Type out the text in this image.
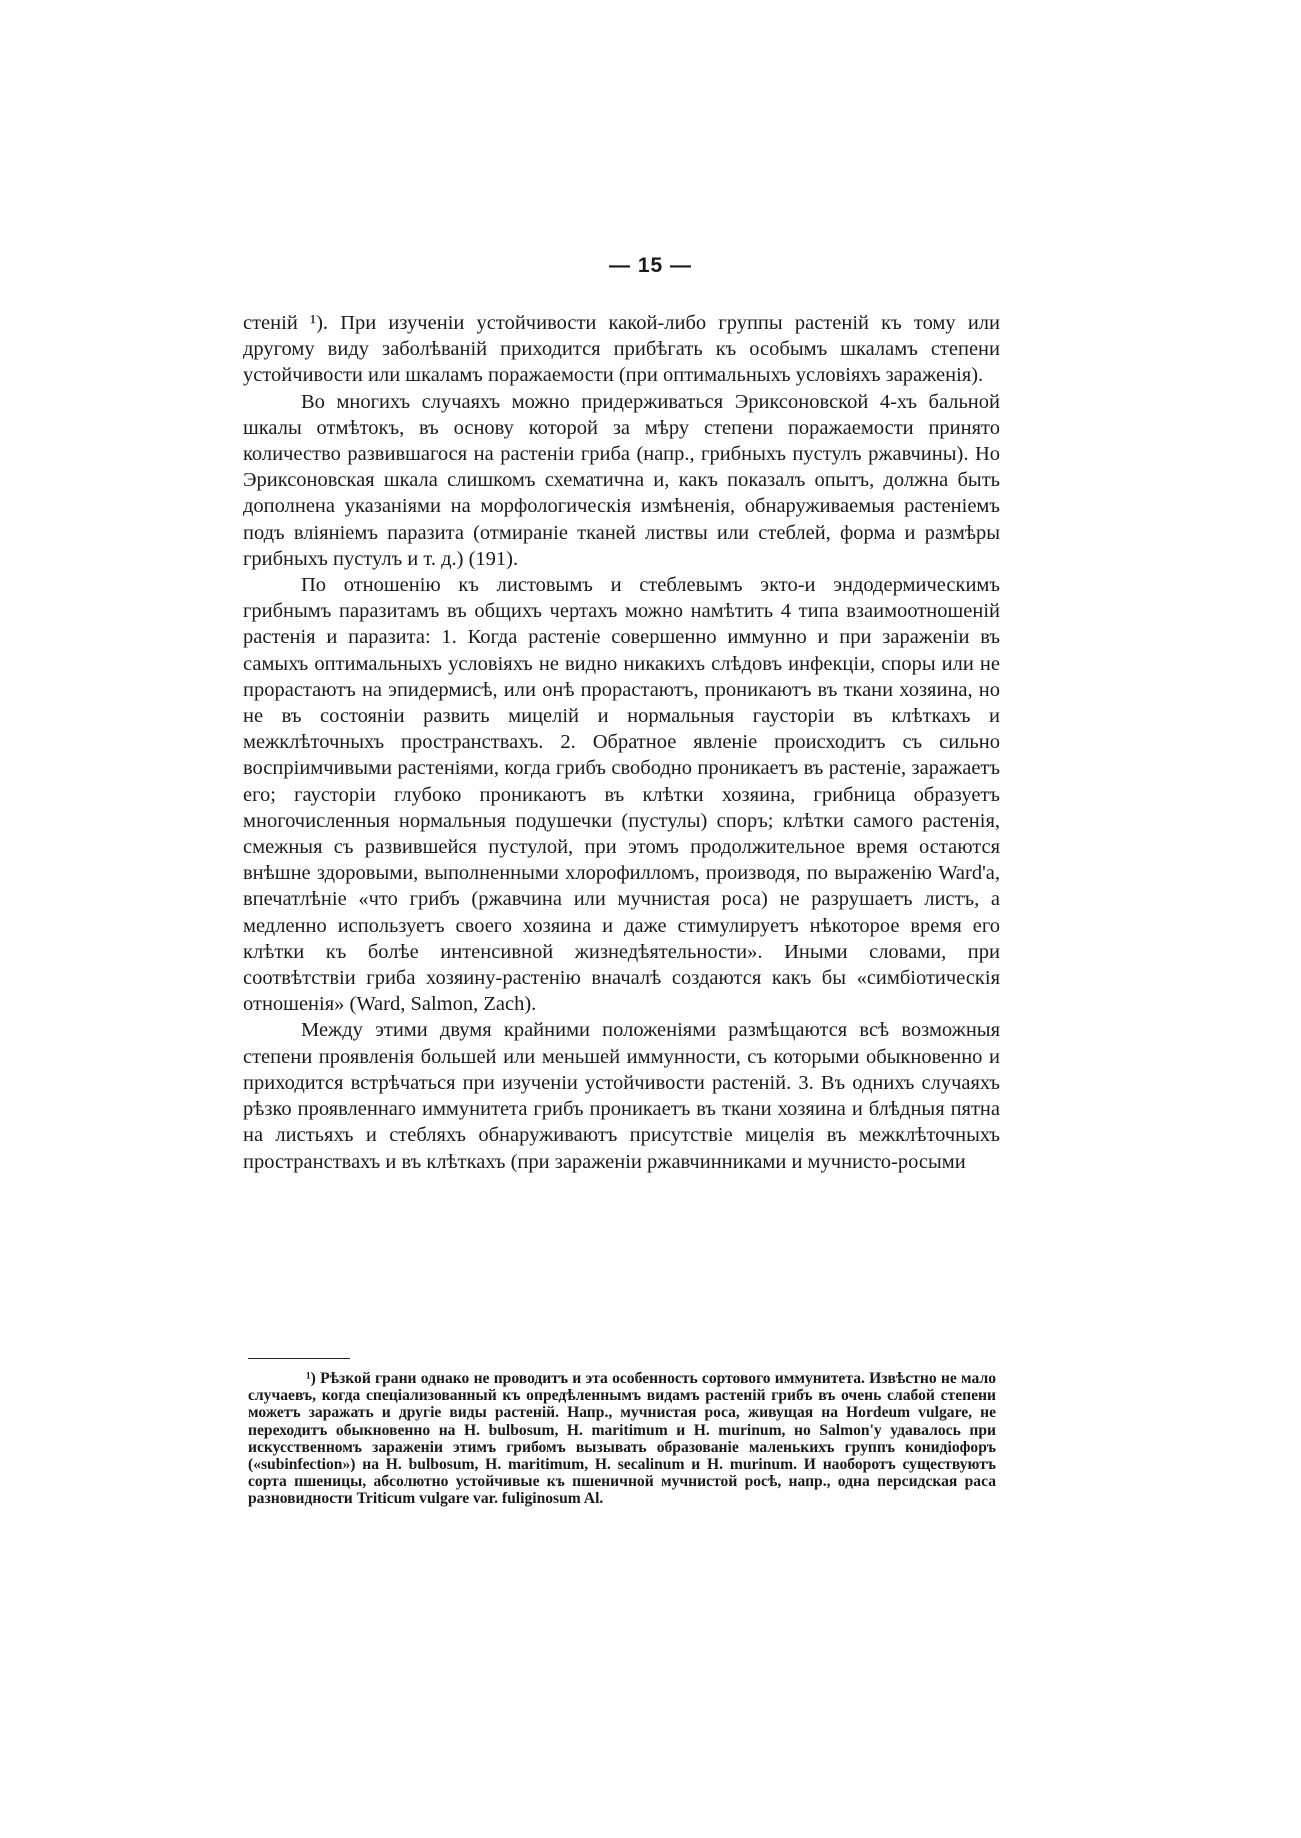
— 15 —

стеній ¹). При изученіи устойчивости какой-либо группы растеній къ тому или другому виду заболѣваній приходится прибѣгать къ особымъ шкаламъ степени устойчивости или шкаламъ поражаемости (при оптимальныхъ условіяхъ зараженія).

Во многихъ случаяхъ можно придерживаться Эриксоновской 4-хъ бальной шкалы отмѣтокъ, въ основу которой за мѣру степени поражаемости принято количество развившагося на растеніи гриба (напр., грибныхъ пустулъ ржавчины). Но Эриксоновская шкала слишкомъ схематична и, какъ показалъ опытъ, должна быть дополнена указаніями на морфологическія измѣненія, обнаруживаемыя растеніемъ подъ вліяніемъ паразита (отмираніе тканей листвы или стеблей, форма и размѣры грибныхъ пустулъ и т. д.) (191).

По отношенію къ листовымъ и стеблевымъ экто-и эндодермическимъ грибнымъ паразитамъ въ общихъ чертахъ можно намѣтить 4 типа взаимоотношеній растенія и паразита: 1. Когда растеніе совершенно иммунно и при зараженіи въ самыхъ оптимальныхъ условіяхъ не видно никакихъ слѣдовъ инфекціи, споры или не прорастаютъ на эпидермисѣ, или онѣ прорастаютъ, проникаютъ въ ткани хозяина, но не въ состояніи развить мицелій и нормальныя гаусторіи въ клѣткахъ и межклѣточныхъ пространствахъ. 2. Обратное явленіе происходитъ съ сильно воспріимчивыми растеніями, когда грибъ свободно проникаетъ въ растеніе, заражаетъ его; гаусторіи глубоко проникаютъ въ клѣтки хозяина, грибница образуетъ многочисленныя нормальныя подушечки (пустулы) споръ; клѣтки самого растенія, смежныя съ развившейся пустулой, при этомъ продолжительное время остаются внѣшне здоровыми, выполненными хлорофилломъ, производя, по выраженію Ward'а, впечатлѣніе «что грибъ (ржавчина или мучнистая роса) не разрушаетъ листъ, а медленно используетъ своего хозяина и даже стимулируетъ нѣкоторое время его клѣтки къ болѣе интенсивной жизнедѣятельности». Иными словами, при соотвѣтствіи гриба хозяину-растенію вначалѣ создаются какъ бы «симбіотическія отношенія» (Ward, Salmon, Zach).

Между этими двумя крайними положеніями размѣщаются всѣ возможныя степени проявленія большей или меньшей иммунности, съ которыми обыкновенно и приходится встрѣчаться при изученіи устойчивости растеній. 3. Въ однихъ случаяхъ рѣзко проявленнаго иммунитета грибъ проникаетъ въ ткани хозяина и блѣдныя пятна на листьяхъ и стебляхъ обнаруживаютъ присутствіе мицелія въ межклѣточныхъ пространствахъ и въ клѣткахъ (при зараженіи ржавчинниками и мучнисто-росыми

¹) Рѣзкой грани однако не проводитъ и эта особенность сортового иммунитета. Извѣстно не мало случаевъ, когда спеціализованный къ опредѣленнымъ видамъ растеній грибъ въ очень слабой степени можетъ заражать и другіе виды растеній. Напр., мучнистая роса, живущая на Hordeum vulgare, не переходитъ обыкновенно на H. bulbosum, H. maritimum и H. murinum, но Salmon'у удавалось при искусственномъ зараженіи этимъ грибомъ вызывать образованіе маленькихъ группъ конидіофоръ («subinfection») на H. bulbosum, H. maritimum, H. secalinum и H. murinum. И наоборотъ существуютъ сорта пшеницы, абсолютно устойчивые къ пшеничной мучнистой росѣ, напр., одна персидская раса разновидности Triticum vulgare var. fuliginosum Al.
